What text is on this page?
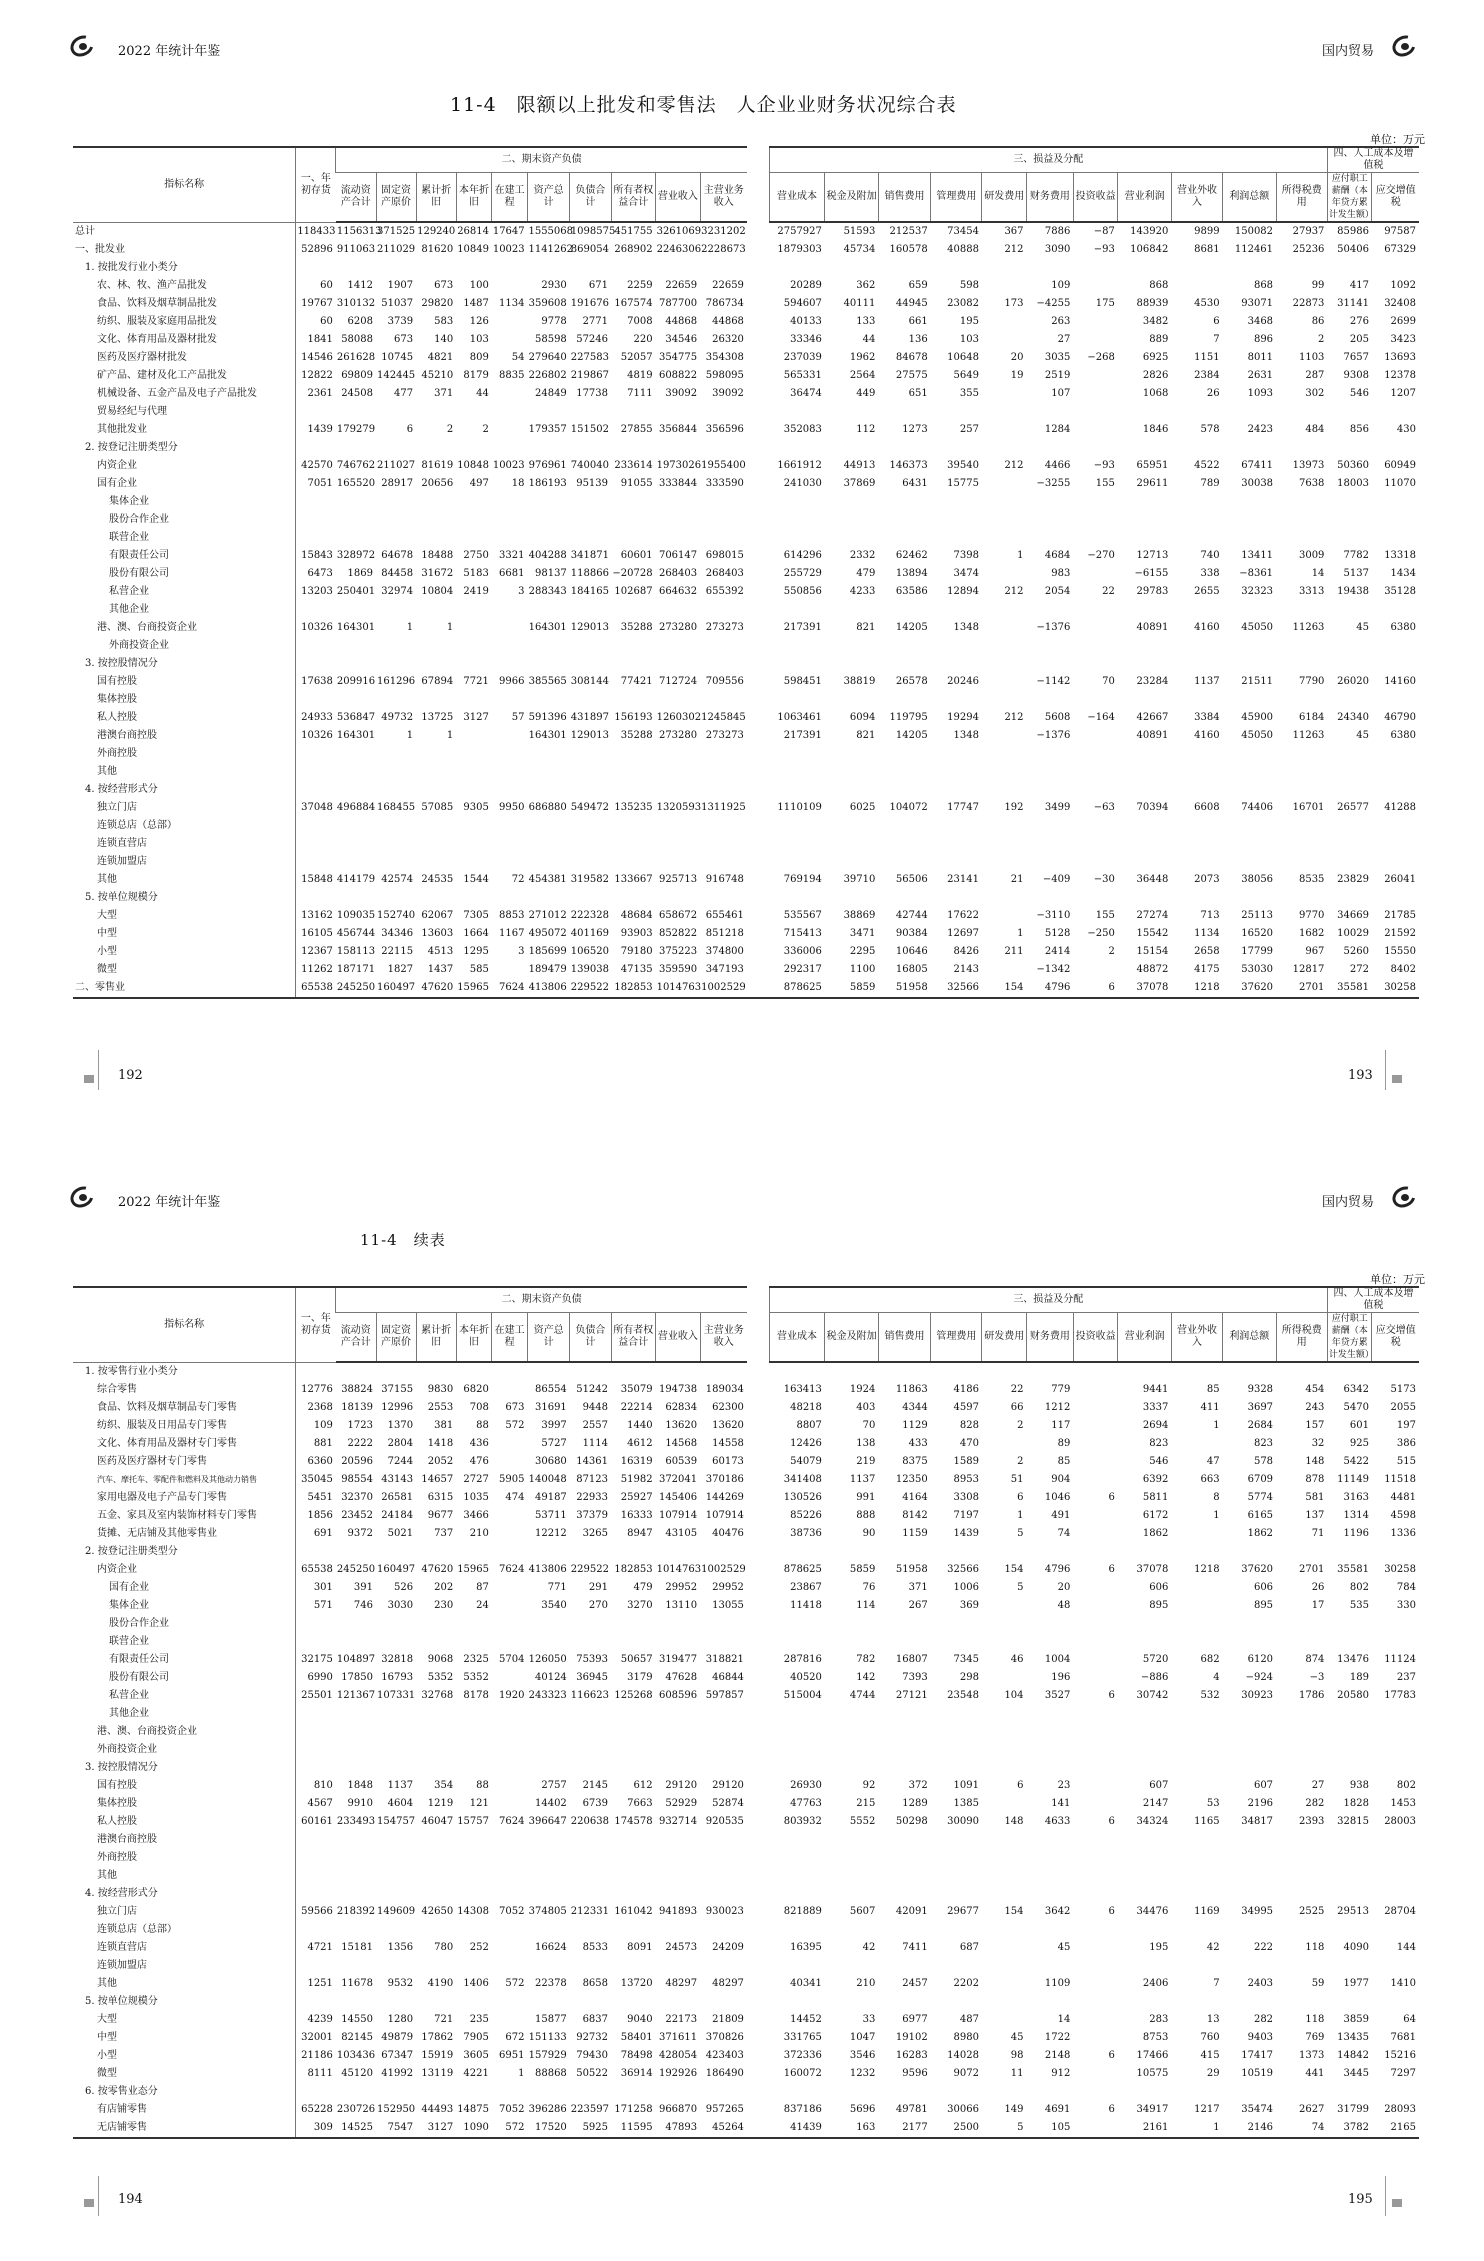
2022 年统计年鉴	国内贸易
11-4　限额以上批发和零售法　人企业业财务状况综合表
单位：万元
指标名称	一、年初存货	二、期末资产负债											三、损益及分配											四、人工成本及增值税	
		流动资产合计	固定资产原价	累计折旧	本年折旧	在建工程	资产总计	负债合计	所有者权益合计	营业收入	主营业务收入		营业成本	税金及附加	销售费用	管理费用	研发费用	财务费用	投资收益	营业利润	营业外收入	利润总额	所得税费用	应付职工薪酬（本年贷方累计发生额）	应交增值税
总计	118433	1156313	371525	129240	26814	17647	1555068	1098575	451755	3261069	3231202		2757927	51593	212537	73454	367	7886	−87	143920	9899	150082	27937	85986	97587
一、批发业	52896	911063	211029	81620	10849	10023	1141262	869054	268902	2246306	2228673		1879303	45734	160578	40888	212	3090	−93	106842	8681	112461	25236	50406	67329
1. 按批发行业小类分																									
农、林、牧、渔产品批发	60	1412	1907	673	100		2930	671	2259	22659	22659		20289	362	659	598		109		868		868	99	417	1092
食品、饮料及烟草制品批发	19767	310132	51037	29820	1487	1134	359608	191676	167574	787700	786734		594607	40111	44945	23082	173	−4255	175	88939	4530	93071	22873	31141	32408
纺织、服装及家庭用品批发	60	6208	3739	583	126		9778	2771	7008	44868	44868		40133	133	661	195		263		3482	6	3468	86	276	2699
文化、体育用品及器材批发	1841	58088	673	140	103		58598	57246	220	34546	26320		33346	44	136	103		27		889	7	896	2	205	3423
医药及医疗器材批发	14546	261628	10745	4821	809	54	279640	227583	52057	354775	354308		237039	1962	84678	10648	20	3035	−268	6925	1151	8011	1103	7657	13693
矿产品、建材及化工产品批发	12822	69809	142445	45210	8179	8835	226802	219867	4819	608822	598095		565331	2564	27575	5649	19	2519		2826	2384	2631	287	9308	12378
机械设备、五金产品及电子产品批发	2361	24508	477	371	44		24849	17738	7111	39092	39092		36474	449	651	355		107		1068	26	1093	302	546	1207
贸易经纪与代理																									
其他批发业	1439	179279	6	2	2		179357	151502	27855	356844	356596		352083	112	1273	257		1284		1846	578	2423	484	856	430
2. 按登记注册类型分																									
内资企业	42570	746762	211027	81619	10848	10023	976961	740040	233614	1973026	1955400		1661912	44913	146373	39540	212	4466	−93	65951	4522	67411	13973	50360	60949
国有企业	7051	165520	28917	20656	497	18	186193	95139	91055	333844	333590		241030	37869	6431	15775		−3255	155	29611	789	30038	7638	18003	11070
集体企业																									
股份合作企业																									
联营企业																									
有限责任公司	15843	328972	64678	18488	2750	3321	404288	341871	60601	706147	698015		614296	2332	62462	7398	1	4684	−270	12713	740	13411	3009	7782	13318
股份有限公司	6473	1869	84458	31672	5183	6681	98137	118866	−20728	268403	268403		255729	479	13894	3474		983		−6155	338	−8361	14	5137	1434
私营企业	13203	250401	32974	10804	2419	3	288343	184165	102687	664632	655392		550856	4233	63586	12894	212	2054	22	29783	2655	32323	3313	19438	35128
其他企业																									
港、澳、台商投资企业	10326	164301	1	1			164301	129013	35288	273280	273273		217391	821	14205	1348		−1376		40891	4160	45050	11263	45	6380
外商投资企业																									
3. 按控股情况分																									
国有控股	17638	209916	161296	67894	7721	9966	385565	308144	77421	712724	709556		598451	38819	26578	20246		−1142	70	23284	1137	21511	7790	26020	14160
集体控股																									
私人控股	24933	536847	49732	13725	3127	57	591396	431897	156193	1260302	1245845		1063461	6094	119795	19294	212	5608	−164	42667	3384	45900	6184	24340	46790
港澳台商控股	10326	164301	1	1			164301	129013	35288	273280	273273		217391	821	14205	1348		−1376		40891	4160	45050	11263	45	6380
外商控股																									
其他																									
4. 按经营形式分																									
独立门店	37048	496884	168455	57085	9305	9950	686880	549472	135235	1320593	1311925		1110109	6025	104072	17747	192	3499	−63	70394	6608	74406	16701	26577	41288
连锁总店（总部）																									
连锁直营店																									
连锁加盟店																									
其他	15848	414179	42574	24535	1544	72	454381	319582	133667	925713	916748		769194	39710	56506	23141	21	−409	−30	36448	2073	38056	8535	23829	26041
5. 按单位规模分																									
大型	13162	109035	152740	62067	7305	8853	271012	222328	48684	658672	655461		535567	38869	42744	17622		−3110	155	27274	713	25113	9770	34669	21785
中型	16105	456744	34346	13603	1664	1167	495072	401169	93903	852822	851218		715413	3471	90384	12697	1	5128	−250	15542	1134	16520	1682	10029	21592
小型	12367	158113	22115	4513	1295	3	185699	106520	79180	375223	374800		336006	2295	10646	8426	211	2414	2	15154	2658	17799	967	5260	15550
微型	11262	187171	1827	1437	585		189479	139038	47135	359590	347193		292317	1100	16805	2143		−1342		48872	4175	53030	12817	272	8402
二、零售业	65538	245250	160497	47620	15965	7624	413806	229522	182853	1014763	1002529		878625	5859	51958	32566	154	4796	6	37078	1218	37620	2701	35581	30258
192	193
2022 年统计年鉴	国内贸易
11-4　续表
单位：万元
指标名称	一、年初存货	二、期末资产负债											三、损益及分配											四、人工成本及增值税	
		流动资产合计	固定资产原价	累计折旧	本年折旧	在建工程	资产总计	负债合计	所有者权益合计	营业收入	主营业务收入		营业成本	税金及附加	销售费用	管理费用	研发费用	财务费用	投资收益	营业利润	营业外收入	利润总额	所得税费用	应付职工薪酬（本年贷方累计发生额）	应交增值税
1. 按零售行业小类分																									
综合零售	12776	38824	37155	9830	6820		86554	51242	35079	194738	189034		163413	1924	11863	4186	22	779		9441	85	9328	454	6342	5173
食品、饮料及烟草制品专门零售	2368	18139	12996	2553	708	673	31691	9448	22214	62834	62300		48218	403	4344	4597	66	1212		3337	411	3697	243	5470	2055
纺织、服装及日用品专门零售	109	1723	1370	381	88	572	3997	2557	1440	13620	13620		8807	70	1129	828	2	117		2694	1	2684	157	601	197
文化、体育用品及器材专门零售	881	2222	2804	1418	436		5727	1114	4612	14568	14558		12426	138	433	470		89		823		823	32	925	386
医药及医疗器材专门零售	6360	20596	7244	2052	476		30680	14361	16319	60539	60173		54079	219	8375	1589	2	85		546	47	578	148	5422	515
汽车、摩托车、零配件和燃料及其他动力销售	35045	98554	43143	14657	2727	5905	140048	87123	51982	372041	370186		341408	1137	12350	8953	51	904		6392	663	6709	878	11149	11518
家用电器及电子产品专门零售	5451	32370	26581	6315	1035	474	49187	22933	25927	145406	144269		130526	991	4164	3308	6	1046	6	5811	8	5774	581	3163	4481
五金、家具及室内装饰材料专门零售	1856	23452	24184	9677	3466		53711	37379	16333	107914	107914		85226	888	8142	7197	1	491		6172	1	6165	137	1314	4598
货摊、无店铺及其他零售业	691	9372	5021	737	210		12212	3265	8947	43105	40476		38736	90	1159	1439	5	74		1862		1862	71	1196	1336
2. 按登记注册类型分																									
内资企业	65538	245250	160497	47620	15965	7624	413806	229522	182853	1014763	1002529		878625	5859	51958	32566	154	4796	6	37078	1218	37620	2701	35581	30258
国有企业	301	391	526	202	87		771	291	479	29952	29952		23867	76	371	1006	5	20		606		606	26	802	784
集体企业	571	746	3030	230	24		3540	270	3270	13110	13055		11418	114	267	369		48		895		895	17	535	330
股份合作企业																									
联营企业																									
有限责任公司	32175	104897	32818	9068	2325	5704	126050	75393	50657	319477	318821		287816	782	16807	7345	46	1004		5720	682	6120	874	13476	11124
股份有限公司	6990	17850	16793	5352	5352		40124	36945	3179	47628	46844		40520	142	7393	298		196		−886	4	−924	−3	189	237
私营企业	25501	121367	107331	32768	8178	1920	243323	116623	125268	608596	597857		515004	4744	27121	23548	104	3527	6	30742	532	30923	1786	20580	17783
其他企业																									
港、澳、台商投资企业																									
外商投资企业																									
3. 按控股情况分																									
国有控股	810	1848	1137	354	88		2757	2145	612	29120	29120		26930	92	372	1091	6	23		607		607	27	938	802
集体控股	4567	9910	4604	1219	121		14402	6739	7663	52929	52874		47763	215	1289	1385		141		2147	53	2196	282	1828	1453
私人控股	60161	233493	154757	46047	15757	7624	396647	220638	174578	932714	920535		803932	5552	50298	30090	148	4633	6	34324	1165	34817	2393	32815	28003
港澳台商控股																									
外商控股																									
其他																									
4. 按经营形式分																									
独立门店	59566	218392	149609	42650	14308	7052	374805	212331	161042	941893	930023		821889	5607	42091	29677	154	3642	6	34476	1169	34995	2525	29513	28704
连锁总店（总部）																									
连锁直营店	4721	15181	1356	780	252		16624	8533	8091	24573	24209		16395	42	7411	687		45		195	42	222	118	4090	144
连锁加盟店																									
其他	1251	11678	9532	4190	1406	572	22378	8658	13720	48297	48297		40341	210	2457	2202		1109		2406	7	2403	59	1977	1410
5. 按单位规模分																									
大型	4239	14550	1280	721	235		15877	6837	9040	22173	21809		14452	33	6977	487		14		283	13	282	118	3859	64
中型	32001	82145	49879	17862	7905	672	151133	92732	58401	371611	370826		331765	1047	19102	8980	45	1722		8753	760	9403	769	13435	7681
小型	21186	103436	67347	15919	3605	6951	157929	79430	78498	428054	423403		372336	3546	16283	14028	98	2148	6	17466	415	17417	1373	14842	15216
微型	8111	45120	41992	13119	4221	1	88868	50522	36914	192926	186490		160072	1232	9596	9072	11	912		10575	29	10519	441	3445	7297
6. 按零售业态分																									
有店铺零售	65228	230726	152950	44493	14875	7052	396286	223597	171258	966870	957265		837186	5696	49781	30066	149	4691	6	34917	1217	35474	2627	31799	28093
无店铺零售	309	14525	7547	3127	1090	572	17520	5925	11595	47893	45264		41439	163	2177	2500	5	105		2161	1	2146	74	3782	2165
194	195
